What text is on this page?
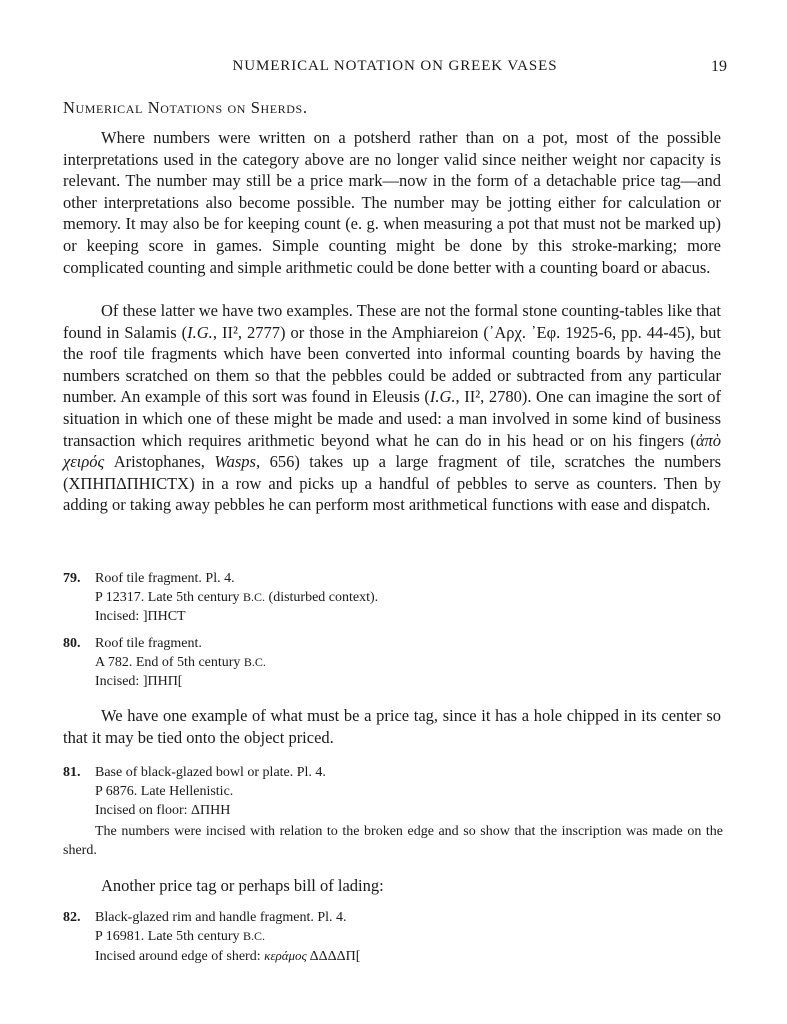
NUMERICAL NOTATION ON GREEK VASES	19
Numerical Notations on Sherds.

Where numbers were written on a potsherd rather than on a pot, most of the possible interpretations used in the category above are no longer valid since neither weight nor capacity is relevant. The number may still be a price mark—now in the form of a detachable price tag—and other interpretations also become possible. The number may be jotting either for calculation or memory. It may also be for keeping count (e. g. when measuring a pot that must not be marked up) or keeping score in games. Simple counting might be done by this stroke-marking; more complicated counting and simple arithmetic could be done better with a counting board or abacus.

Of these latter we have two examples. These are not the formal stone counting-tables like that found in Salamis (I.G., II², 2777) or those in the Amphiareion (᾿Αρχ. ᾿Εφ. 1925-6, pp. 44-45), but the roof tile fragments which have been converted into informal counting boards by having the numbers scratched on them so that the pebbles could be added or subtracted from any particular number. An example of this sort was found in Eleusis (I.G., II², 2780). One can imagine the sort of situation in which one of these might be made and used: a man involved in some kind of business transaction which requires arithmetic beyond what he can do in his head or on his fingers (ἀπὸ χειρός Aristophanes, Wasps, 656) takes up a large fragment of tile, scratches the numbers (ΧΠΗΠΔΠΗΙϹΤΧ) in a row and picks up a handful of pebbles to serve as counters. Then by adding or taking away pebbles he can perform most arithmetical functions with ease and dispatch.

79. Roof tile fragment. Pl. 4.
P 12317. Late 5th century B.C. (disturbed context).
Incised: ]ΠΗϹΤ
80. Roof tile fragment.
A 782. End of 5th century B.C.
Incised: ]ΠΗΠ[

We have one example of what must be a price tag, since it has a hole chipped in its center so that it may be tied onto the object priced.

81. Base of black-glazed bowl or plate. Pl. 4.
P 6876. Late Hellenistic.
Incised on floor: ΔΠΗΗ
The numbers were incised with relation to the broken edge and so show that the inscription was made on the sherd.

Another price tag or perhaps bill of lading:

82. Black-glazed rim and handle fragment. Pl. 4.
P 16981. Late 5th century B.C.
Incised around edge of sherd: κεράμος ΔΔΔΔΠ[
